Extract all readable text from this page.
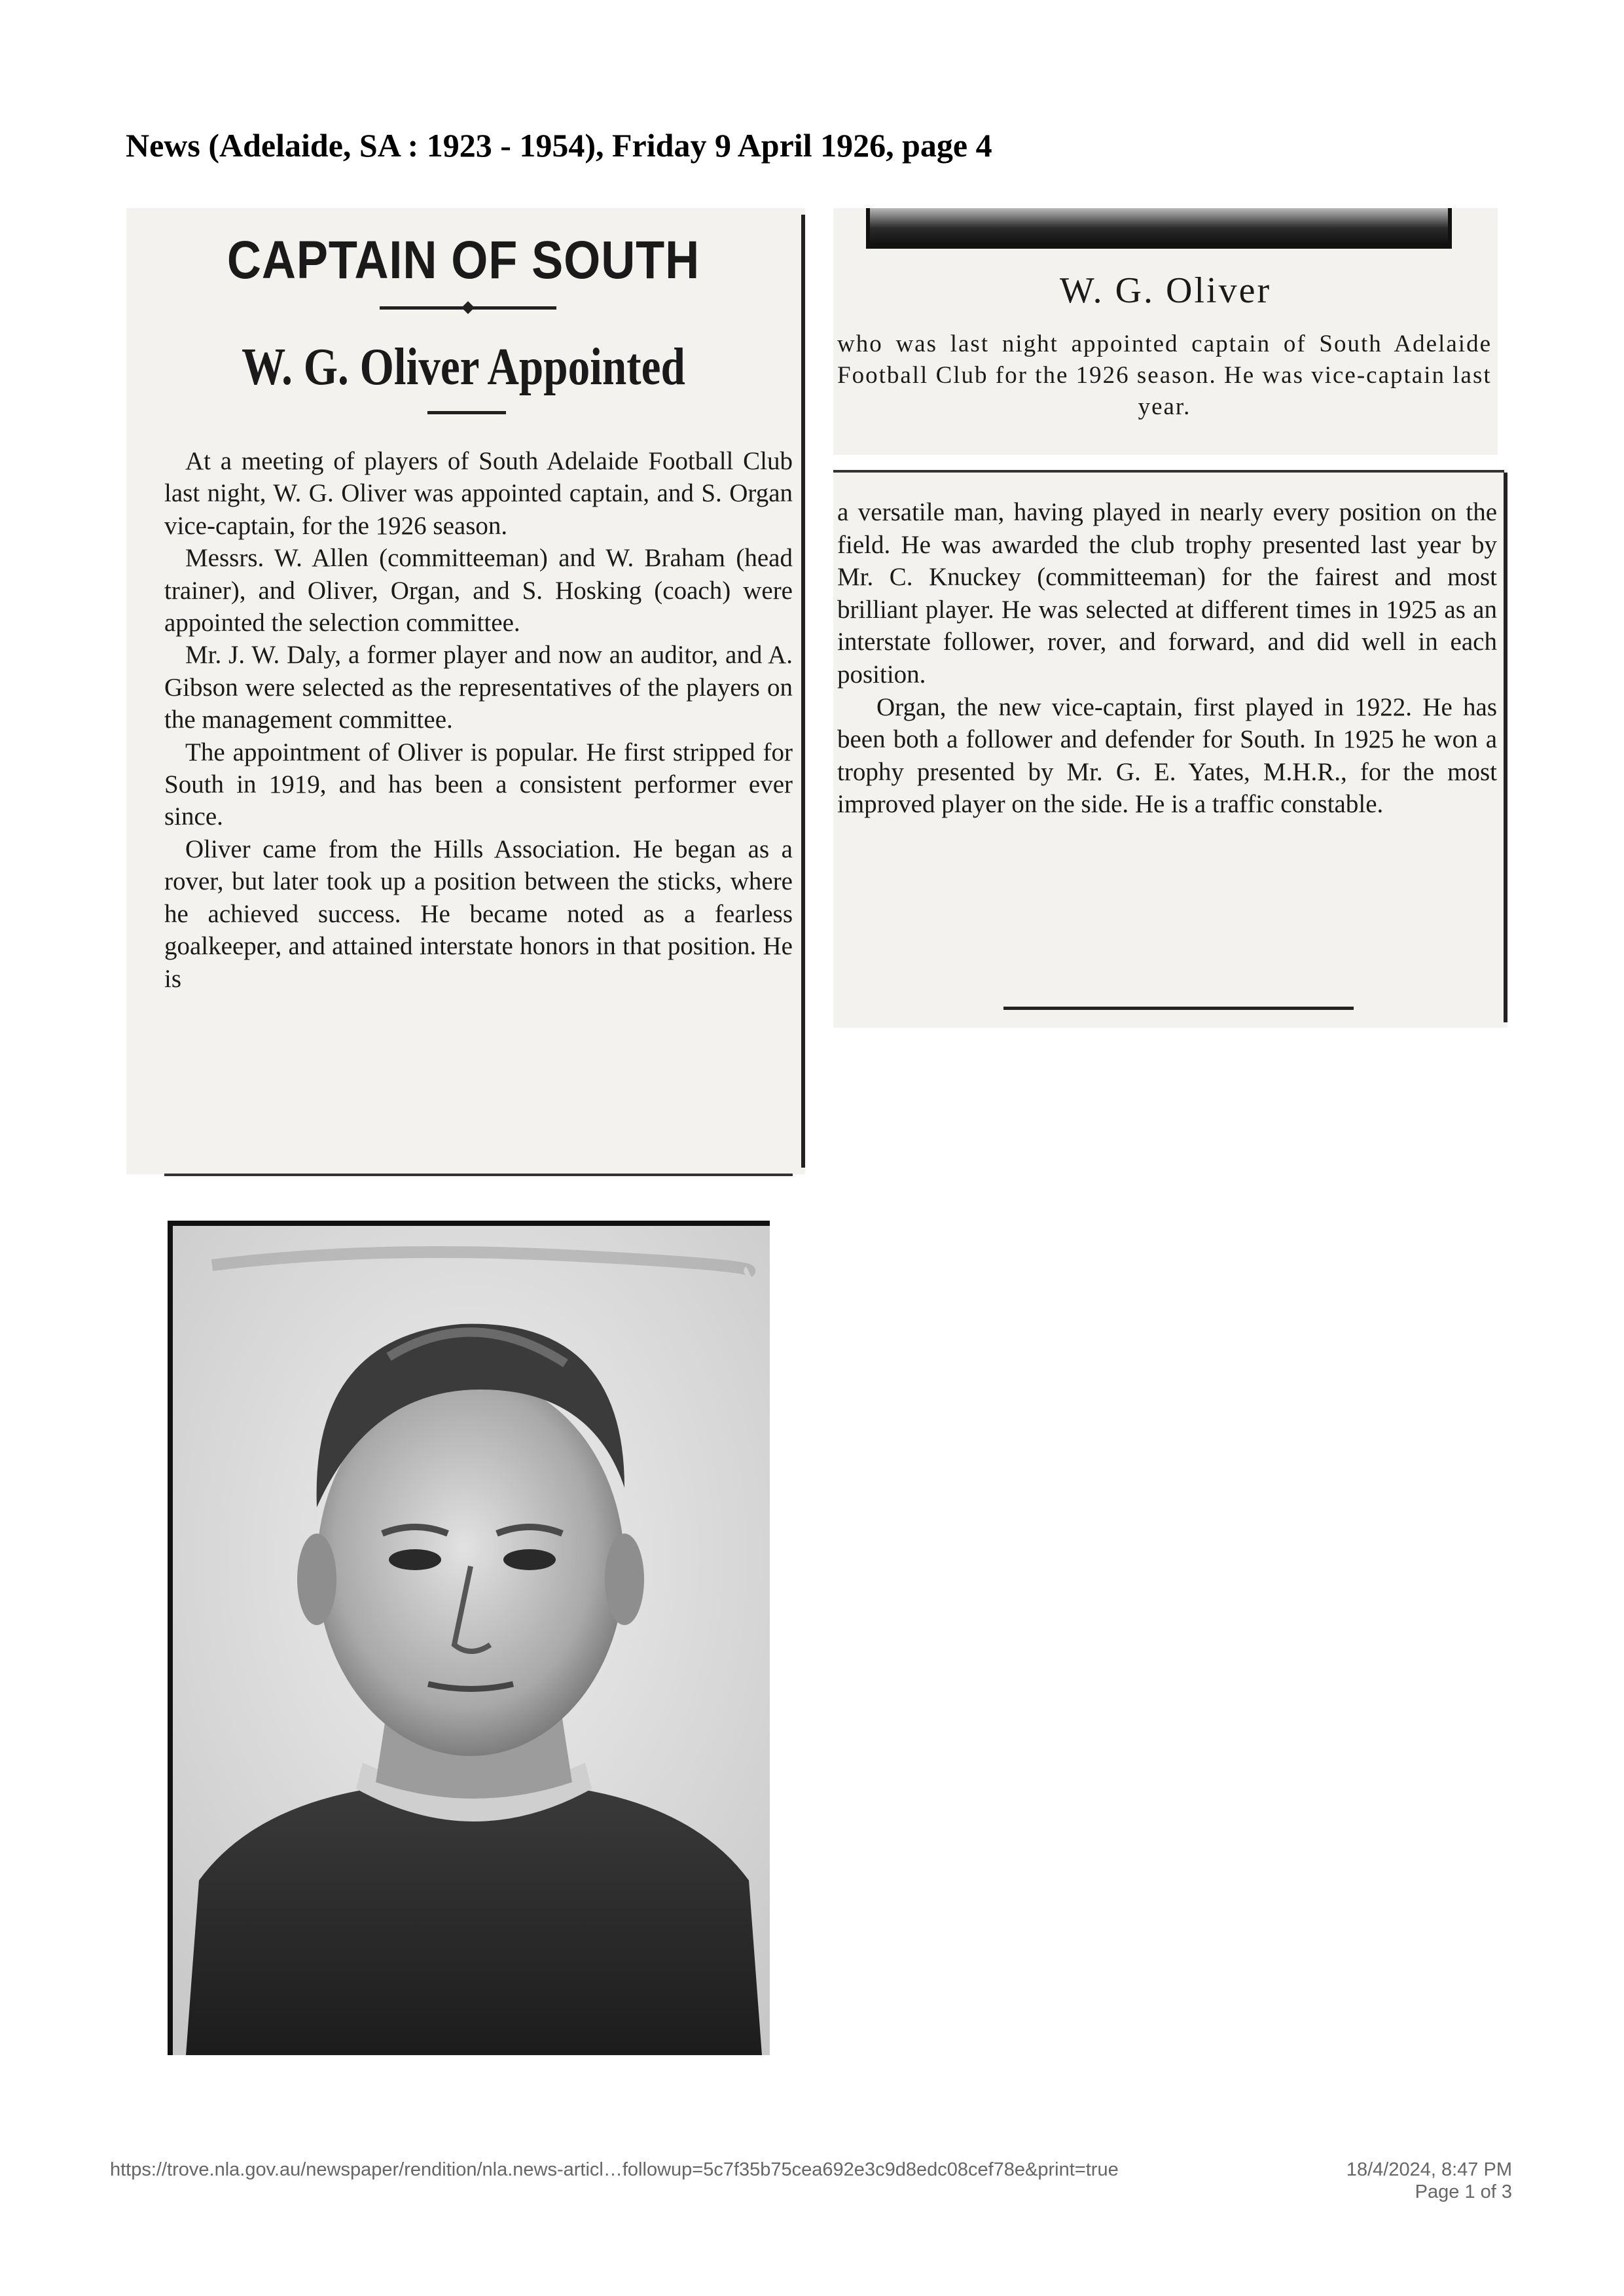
News (Adelaide, SA : 1923 - 1954), Friday 9 April 1926, page 4
CAPTAIN OF SOUTH
W. G. Oliver Appointed

At a meeting of players of South Adelaide Football Club last night, W. G. Oliver was appointed captain, and S. Organ vice-captain, for the 1926 season.

Messrs. W. Allen (committeeman) and W. Braham (head trainer), and Oliver, Organ, and S. Hosking (coach) were appointed the selection committee.

Mr. J. W. Daly, a former player and now an auditor, and A. Gibson were selected as the representatives of the players on the management committee.

The appointment of Oliver is popular. He first stripped for South in 1919, and has been a consistent performer ever since.

Oliver came from the Hills Association. He began as a rover, but later took up a position between the sticks, where he achieved success. He became noted as a fearless goalkeeper, and attained interstate honors in that position. He is

W. G. Oliver
who was last night appointed captain of South Adelaide Football Club for the 1926 season. He was vice-captain last
year.

a versatile man, having played in nearly every position on the field. He was awarded the club trophy presented last year by Mr. C. Knuckey (committeeman) for the fairest and most brilliant player. He was selected at different times in 1925 as an interstate follower, rover, and forward, and did well in each position.

Organ, the new vice-captain, first played in 1922. He has been both a follower and defender for South. In 1925 he won a trophy presented by Mr. G. E. Yates, M.H.R., for the most improved player on the side. He is a traffic constable.

https://trove.nla.gov.au/newspaper/rendition/nla.news-articl…followup=5c7f35b75cea692e3c9d8edc08cef78e&print=true	18/4/2024, 8:47 PM
Page 1 of 3
